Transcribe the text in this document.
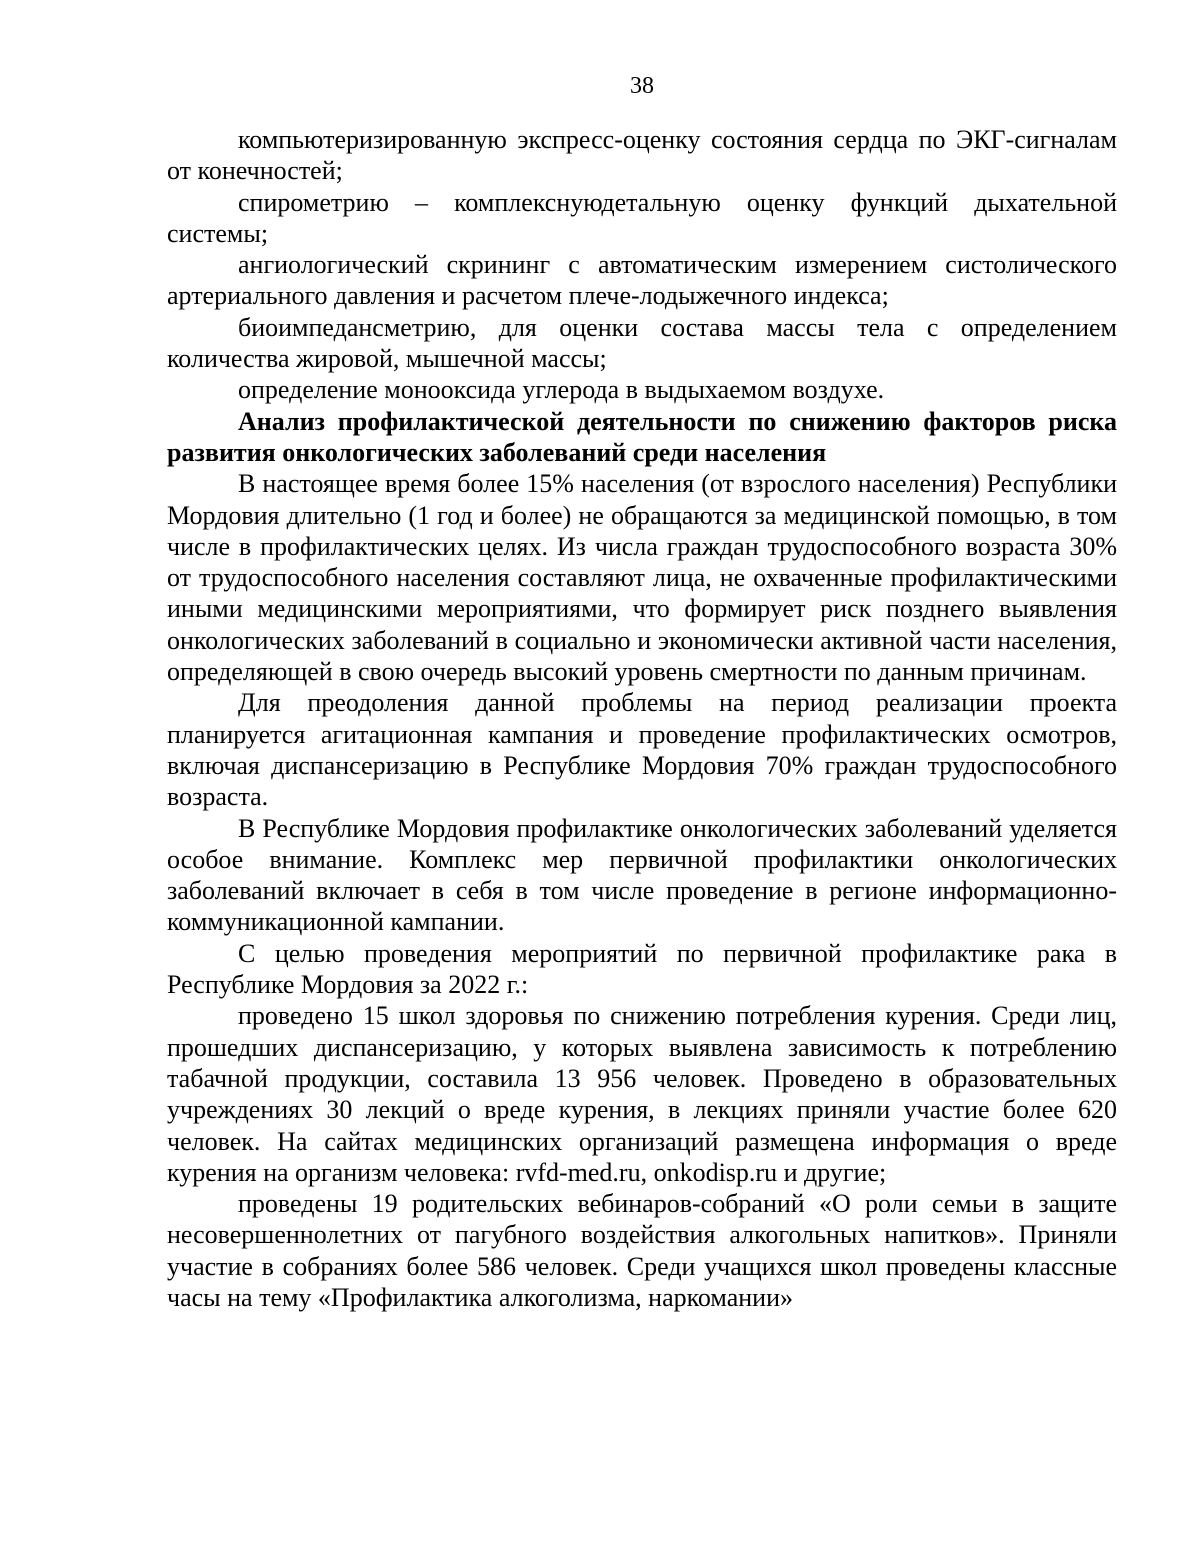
38

компьютеризированную экспресс-оценку состояния сердца по ЭКГ-сигналам от конечностей;

спирометрию – комплекснуюдетальную оценку функций дыхательной системы;

ангиологический скрининг с автоматическим измерением систолического артериального давления и расчетом плече-лодыжечного индекса;

биоимпедансметрию, для оценки состава массы тела с определением количества жировой, мышечной массы;

определение монооксида углерода в выдыхаемом воздухе.

Анализ профилактической деятельности по снижению факторов риска развития онкологических заболеваний среди населения

В настоящее время более 15% населения (от взрослого населения) Республики Мордовия длительно (1 год и более) не обращаются за медицинской помощью, в том числе в профилактических целях. Из числа граждан трудоспособного возраста 30% от трудоспособного населения составляют лица, не охваченные профилактическими иными медицинскими мероприятиями, что формирует риск позднего выявления онкологических заболеваний в социально и экономически активной части населения, определяющей в свою очередь высокий уровень смертности по данным причинам.

Для преодоления данной проблемы на период реализации проекта планируется агитационная кампания и проведение профилактических осмотров, включая диспансеризацию в Республике Мордовия 70% граждан трудоспособного возраста.

В Республике Мордовия профилактике онкологических заболеваний уделяется особое внимание. Комплекс мер первичной профилактики онкологических заболеваний включает в себя в том числе проведение в регионе информационно-коммуникационной кампании.

С целью проведения мероприятий по первичной профилактике рака в Республике Мордовия за 2022 г.:

проведено 15 школ здоровья по снижению потребления курения. Среди лиц, прошедших диспансеризацию, у которых выявлена зависимость к потреблению табачной продукции, составила 13 956 человек. Проведено в образовательных учреждениях 30 лекций о вреде курения, в лекциях приняли участие более 620 человек. На сайтах медицинских организаций размещена информация о вреде курения на организм человека: rvfd-med.ru, onkodisp.ru и другие;

проведены 19 родительских вебинаров-собраний «О роли семьи в защите несовершеннолетних от пагубного воздействия алкогольных напитков». Приняли участие в собраниях более 586 человек. Среди учащихся школ проведены классные часы на тему «Профилактика алкоголизма, наркомании»
